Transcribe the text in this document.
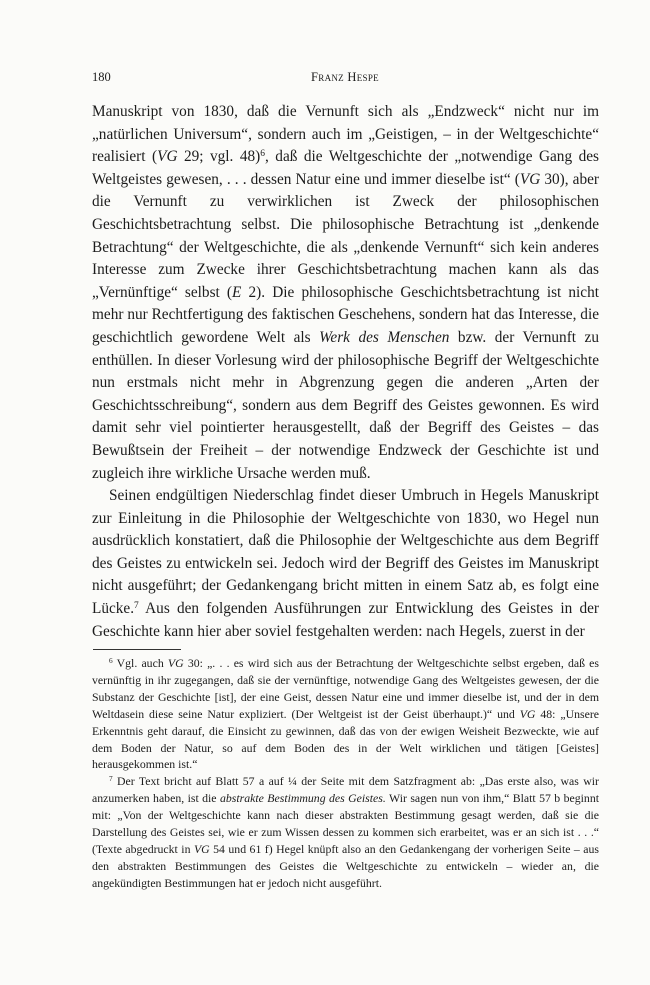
180	Franz Hespe

Manuskript von 1830, daß die Vernunft sich als „Endzweck“ nicht nur im „natürlichen Universum“, sondern auch im „Geistigen, – in der Weltgeschichte“ realisiert (VG 29; vgl. 48)$^6$, daß die Weltgeschichte der „notwendige Gang des Weltgeistes gewesen, . . . dessen Natur eine und immer dieselbe ist“ (VG 30), aber die Vernunft zu verwirklichen ist Zweck der philosophischen Geschichtsbetrachtung selbst. Die philosophische Betrachtung ist „denkende Betrachtung“ der Weltgeschichte, die als „denkende Vernunft“ sich kein anderes Interesse zum Zwecke ihrer Geschichtsbetrachtung machen kann als das „Vernünftige“ selbst (E 2). Die philosophische Geschichtsbetrachtung ist nicht mehr nur Rechtfertigung des faktischen Geschehens, sondern hat das Interesse, die geschichtlich gewordene Welt als Werk des Menschen bzw. der Vernunft zu enthüllen. In dieser Vorlesung wird der philosophische Begriff der Weltgeschichte nun erstmals nicht mehr in Abgrenzung gegen die anderen „Arten der Geschichtsschreibung“, sondern aus dem Begriff des Geistes gewonnen. Es wird damit sehr viel pointierter herausgestellt, daß der Begriff des Geistes – das Bewußtsein der Freiheit – der notwendige Endzweck der Geschichte ist und zugleich ihre wirkliche Ursache werden muß.

Seinen endgültigen Niederschlag findet dieser Umbruch in Hegels Manuskript zur Einleitung in die Philosophie der Weltgeschichte von 1830, wo Hegel nun ausdrücklich konstatiert, daß die Philosophie der Weltgeschichte aus dem Begriff des Geistes zu entwickeln sei. Jedoch wird der Begriff des Geistes im Manuskript nicht ausgeführt; der Gedankengang bricht mitten in einem Satz ab, es folgt eine Lücke.$^7$ Aus den folgenden Ausführungen zur Entwicklung des Geistes in der Geschichte kann hier aber soviel festgehalten werden: nach Hegels, zuerst in der

$^6$ Vgl. auch VG 30: „. . . es wird sich aus der Betrachtung der Weltgeschichte selbst ergeben, daß es vernünftig in ihr zugegangen, daß sie der vernünftige, notwendige Gang des Weltgeistes gewesen, der die Substanz der Geschichte [ist], der eine Geist, dessen Natur eine und immer dieselbe ist, und der in dem Weltdasein diese seine Natur expliziert. (Der Weltgeist ist der Geist überhaupt.)“ und VG 48: „Unsere Erkenntnis geht darauf, die Einsicht zu gewinnen, daß das von der ewigen Weisheit Bezweckte, wie auf dem Boden der Natur, so auf dem Boden des in der Welt wirklichen und tätigen [Geistes] herausgekommen ist.“

$^7$ Der Text bricht auf Blatt 57 a auf ¼ der Seite mit dem Satzfragment ab: „Das erste also, was wir anzumerken haben, ist die abstrakte Bestimmung des Geistes. Wir sagen nun von ihm,“ Blatt 57 b beginnt mit: „Von der Weltgeschichte kann nach dieser abstrakten Bestimmung gesagt werden, daß sie die Darstellung des Geistes sei, wie er zum Wissen dessen zu kommen sich erarbeitet, was er an sich ist . . .“ (Texte abgedruckt in VG 54 und 61 f) Hegel knüpft also an den Gedankengang der vorherigen Seite – aus den abstrakten Bestimmungen des Geistes die Weltgeschichte zu entwickeln – wieder an, die angekündigten Bestimmungen hat er jedoch nicht ausgeführt.
